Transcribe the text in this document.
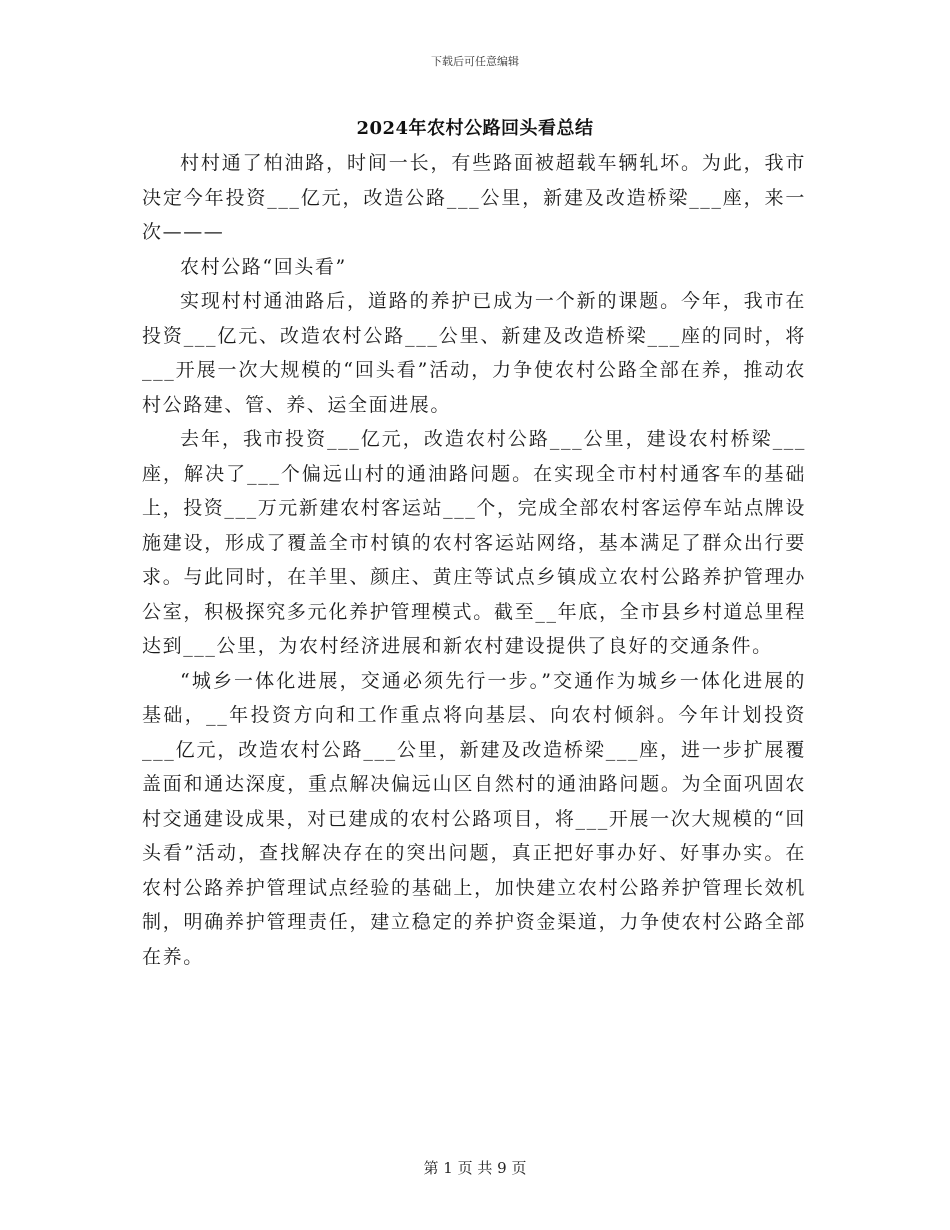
下载后可任意编辑
2024年农村公路回头看总结

村村通了柏油路，时间一长，有些路面被超载车辆轧坏。为此，我市决定今年投资___亿元，改造公路___公里，新建及改造桥梁___座，来一次———

农村公路“回头看”

实现村村通油路后，道路的养护已成为一个新的课题。今年，我市在投资___亿元、改造农村公路___公里、新建及改造桥梁___座的同时，将___开展一次大规模的“回头看”活动，力争使农村公路全部在养，推动农村公路建、管、养、运全面进展。

去年，我市投资___亿元，改造农村公路___公里，建设农村桥梁___座，解决了___个偏远山村的通油路问题。在实现全市村村通客车的基础上，投资___万元新建农村客运站___个，完成全部农村客运停车站点牌设施建设，形成了覆盖全市村镇的农村客运站网络，基本满足了群众出行要求。与此同时，在羊里、颜庄、黄庄等试点乡镇成立农村公路养护管理办公室，积极探究多元化养护管理模式。截至__年底，全市县乡村道总里程达到___公里，为农村经济进展和新农村建设提供了良好的交通条件。

“城乡一体化进展，交通必须先行一步。”交通作为城乡一体化进展的基础，__年投资方向和工作重点将向基层、向农村倾斜。今年计划投资___亿元，改造农村公路___公里，新建及改造桥梁___座，进一步扩展覆盖面和通达深度，重点解决偏远山区自然村的通油路问题。为全面巩固农村交通建设成果，对已建成的农村公路项目，将___开展一次大规模的“回头看”活动，查找解决存在的突出问题，真正把好事办好、好事办实。在农村公路养护管理试点经验的基础上，加快建立农村公路养护管理长效机制，明确养护管理责任，建立稳定的养护资金渠道，力争使农村公路全部在养。

第 1 页 共 9 页
